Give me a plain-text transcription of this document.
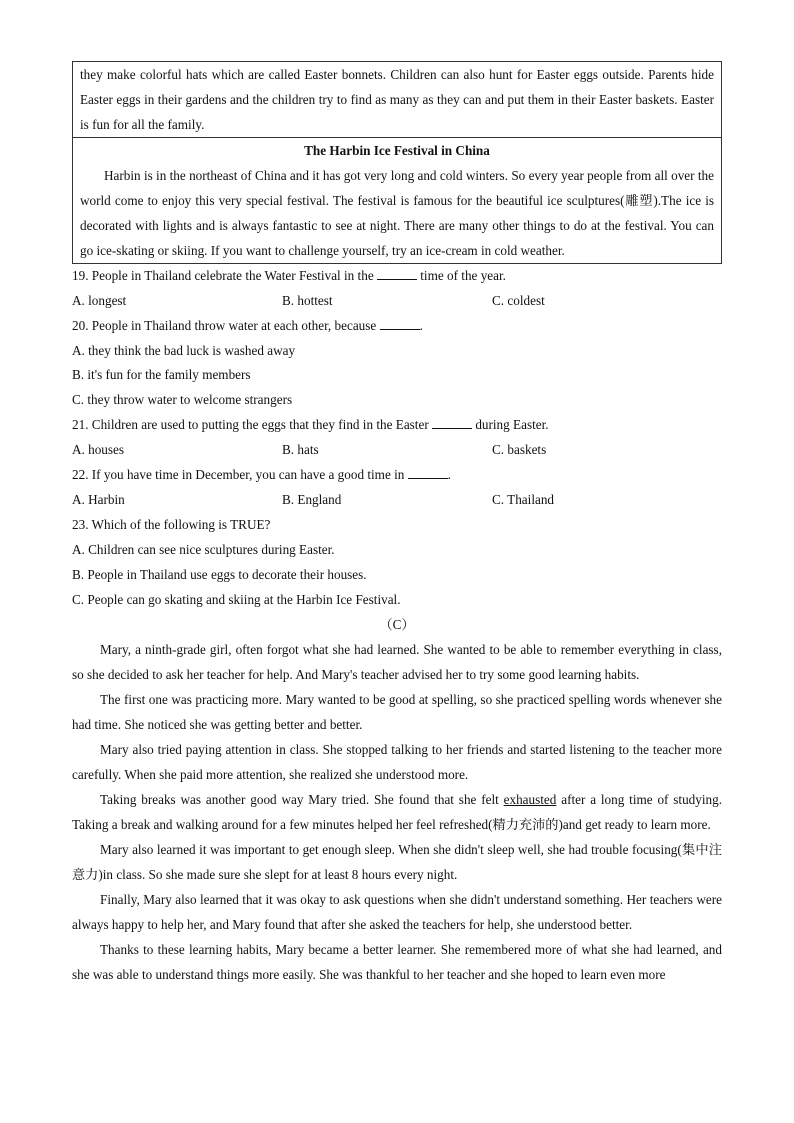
they make colorful hats which are called Easter bonnets. Children can also hunt for Easter eggs outside. Parents hide Easter eggs in their gardens and the children try to find as many as they can and put them in their Easter baskets. Easter is fun for all the family.
The Harbin Ice Festival in China
Harbin is in the northeast of China and it has got very long and cold winters. So every year people from all over the world come to enjoy this very special festival. The festival is famous for the beautiful ice sculptures(雕塑).The ice is decorated with lights and is always fantastic to see at night. There are many other things to do at the festival. You can go ice-skating or skiing. If you want to challenge yourself, try an ice-cream in cold weather.
19. People in Thailand celebrate the Water Festival in the	time of the year.
A. longest	B. hottest	C. coldest
20. People in Thailand throw water at each other, because	.
A. they think the bad luck is washed away
B. it's fun for the family members
C. they throw water to welcome strangers
21. Children are used to putting the eggs that they find in the Easter	during Easter.
A. houses	B. hats	C. baskets
22. If you have time in December, you can have a good time in	.
A. Harbin	B. England	C. Thailand
23. Which of the following is TRUE?
A. Children can see nice sculptures during Easter.
B. People in Thailand use eggs to decorate their houses.
C. People can go skating and skiing at the Harbin Ice Festival.
（C）

Mary, a ninth-grade girl, often forgot what she had learned. She wanted to be able to remember everything in class, so she decided to ask her teacher for help. And Mary's teacher advised her to try some good learning habits.

The first one was practicing more. Mary wanted to be good at spelling, so she practiced spelling words whenever she had time. She noticed she was getting better and better.

Mary also tried paying attention in class. She stopped talking to her friends and started listening to the teacher more carefully. When she paid more attention, she realized she understood more.

Taking breaks was another good way Mary tried. She found that she felt exhausted after a long time of studying. Taking a break and walking around for a few minutes helped her feel refreshed(精力充沛的)and get ready to learn more.

Mary also learned it was important to get enough sleep. When she didn't sleep well, she had trouble focusing(集中注意力)in class. So she made sure she slept for at least 8 hours every night.

Finally, Mary also learned that it was okay to ask questions when she didn't understand something. Her teachers were always happy to help her, and Mary found that after she asked the teachers for help, she understood better.

Thanks to these learning habits, Mary became a better learner. She remembered more of what she had learned, and she was able to understand things more easily. She was thankful to her teacher and she hoped to learn even more
